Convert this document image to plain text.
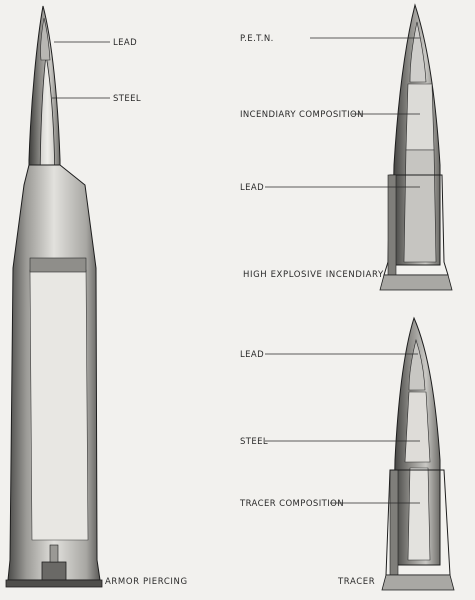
LEAD
STEEL
ARMOR PIERCING
P.E.T.N.
INCENDIARY COMPOSITION
LEAD
HIGH EXPLOSIVE INCENDIARY
LEAD
STEEL
TRACER COMPOSITION
TRACER
